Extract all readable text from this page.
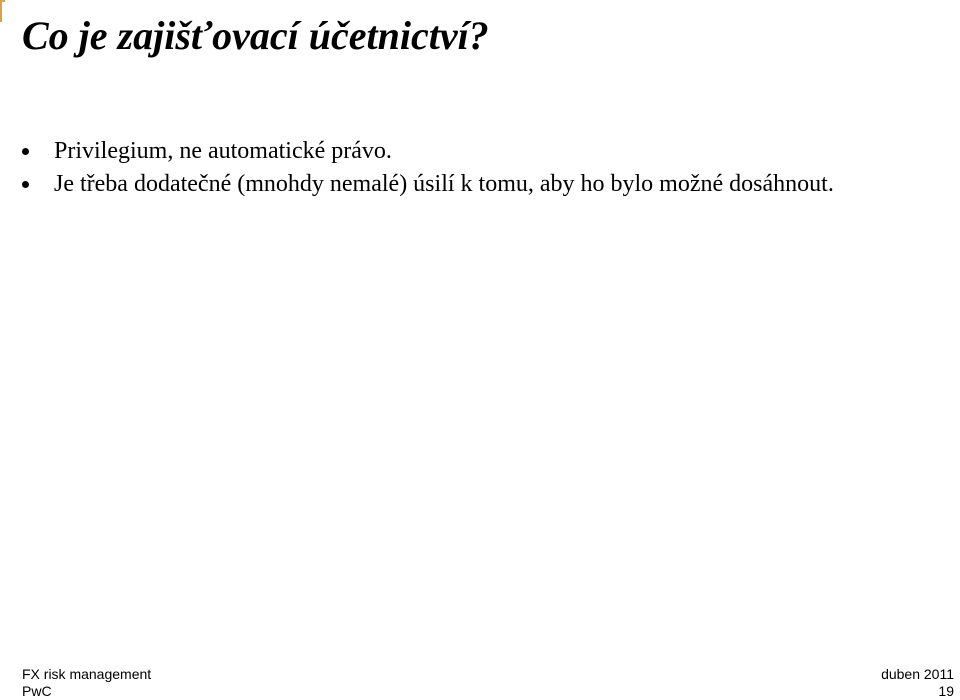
Co je zajišťovací účetnictví?
Privilegium, ne automatické právo.
Je třeba dodatečné (mnohdy nemalé) úsilí k tomu, aby ho bylo možné dosáhnout.
FX risk management
PwC
duben 2011
19
